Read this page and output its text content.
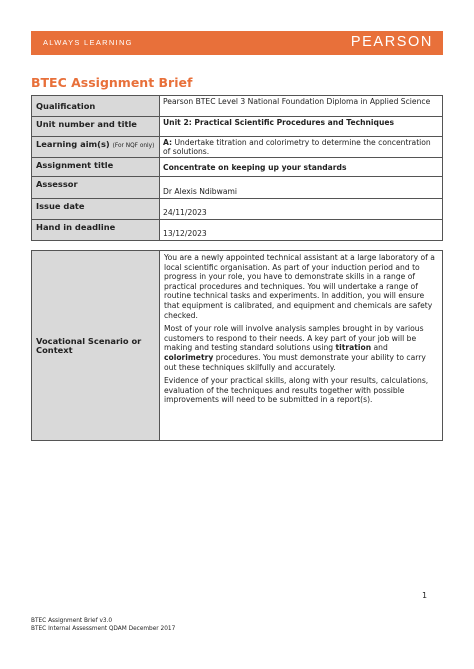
ALWAYS LEARNING	PEARSON
BTEC Assignment Brief
Qualification	Pearson BTEC Level 3 National Foundation Diploma in Applied Science
Unit number and title	Unit 2: Practical Scientific Procedures and Techniques
Learning aim(s) (For NQF only)	A: Undertake titration and colorimetry to determine the concentration of solutions.
Assignment title	Concentrate on keeping up your standards
Assessor	Dr Alexis Ndibwami
Issue date	24/11/2023
Hand in deadline	13/12/2023
Vocational Scenario or Context	

You are a newly appointed technical assistant at a large laboratory of a local scientific organisation. As part of your induction period and to progress in your role, you have to demonstrate skills in a range of practical procedures and techniques. You will undertake a range of routine technical tasks and experiments. In addition, you will ensure that equipment is calibrated, and equipment and chemicals are safety checked.

Most of your role will involve analysis samples brought in by various customers to respond to their needs. A key part of your job will be making and testing standard solutions using titration and colorimetry procedures. You must demonstrate your ability to carry out these techniques skilfully and accurately.

Evidence of your practical skills, along with your results, calculations, evaluation of the techniques and results together with possible improvements will need to be submitted in a report(s).

1
BTEC Assignment Brief v3.0
BTEC Internal Assessment QDAM December 2017
